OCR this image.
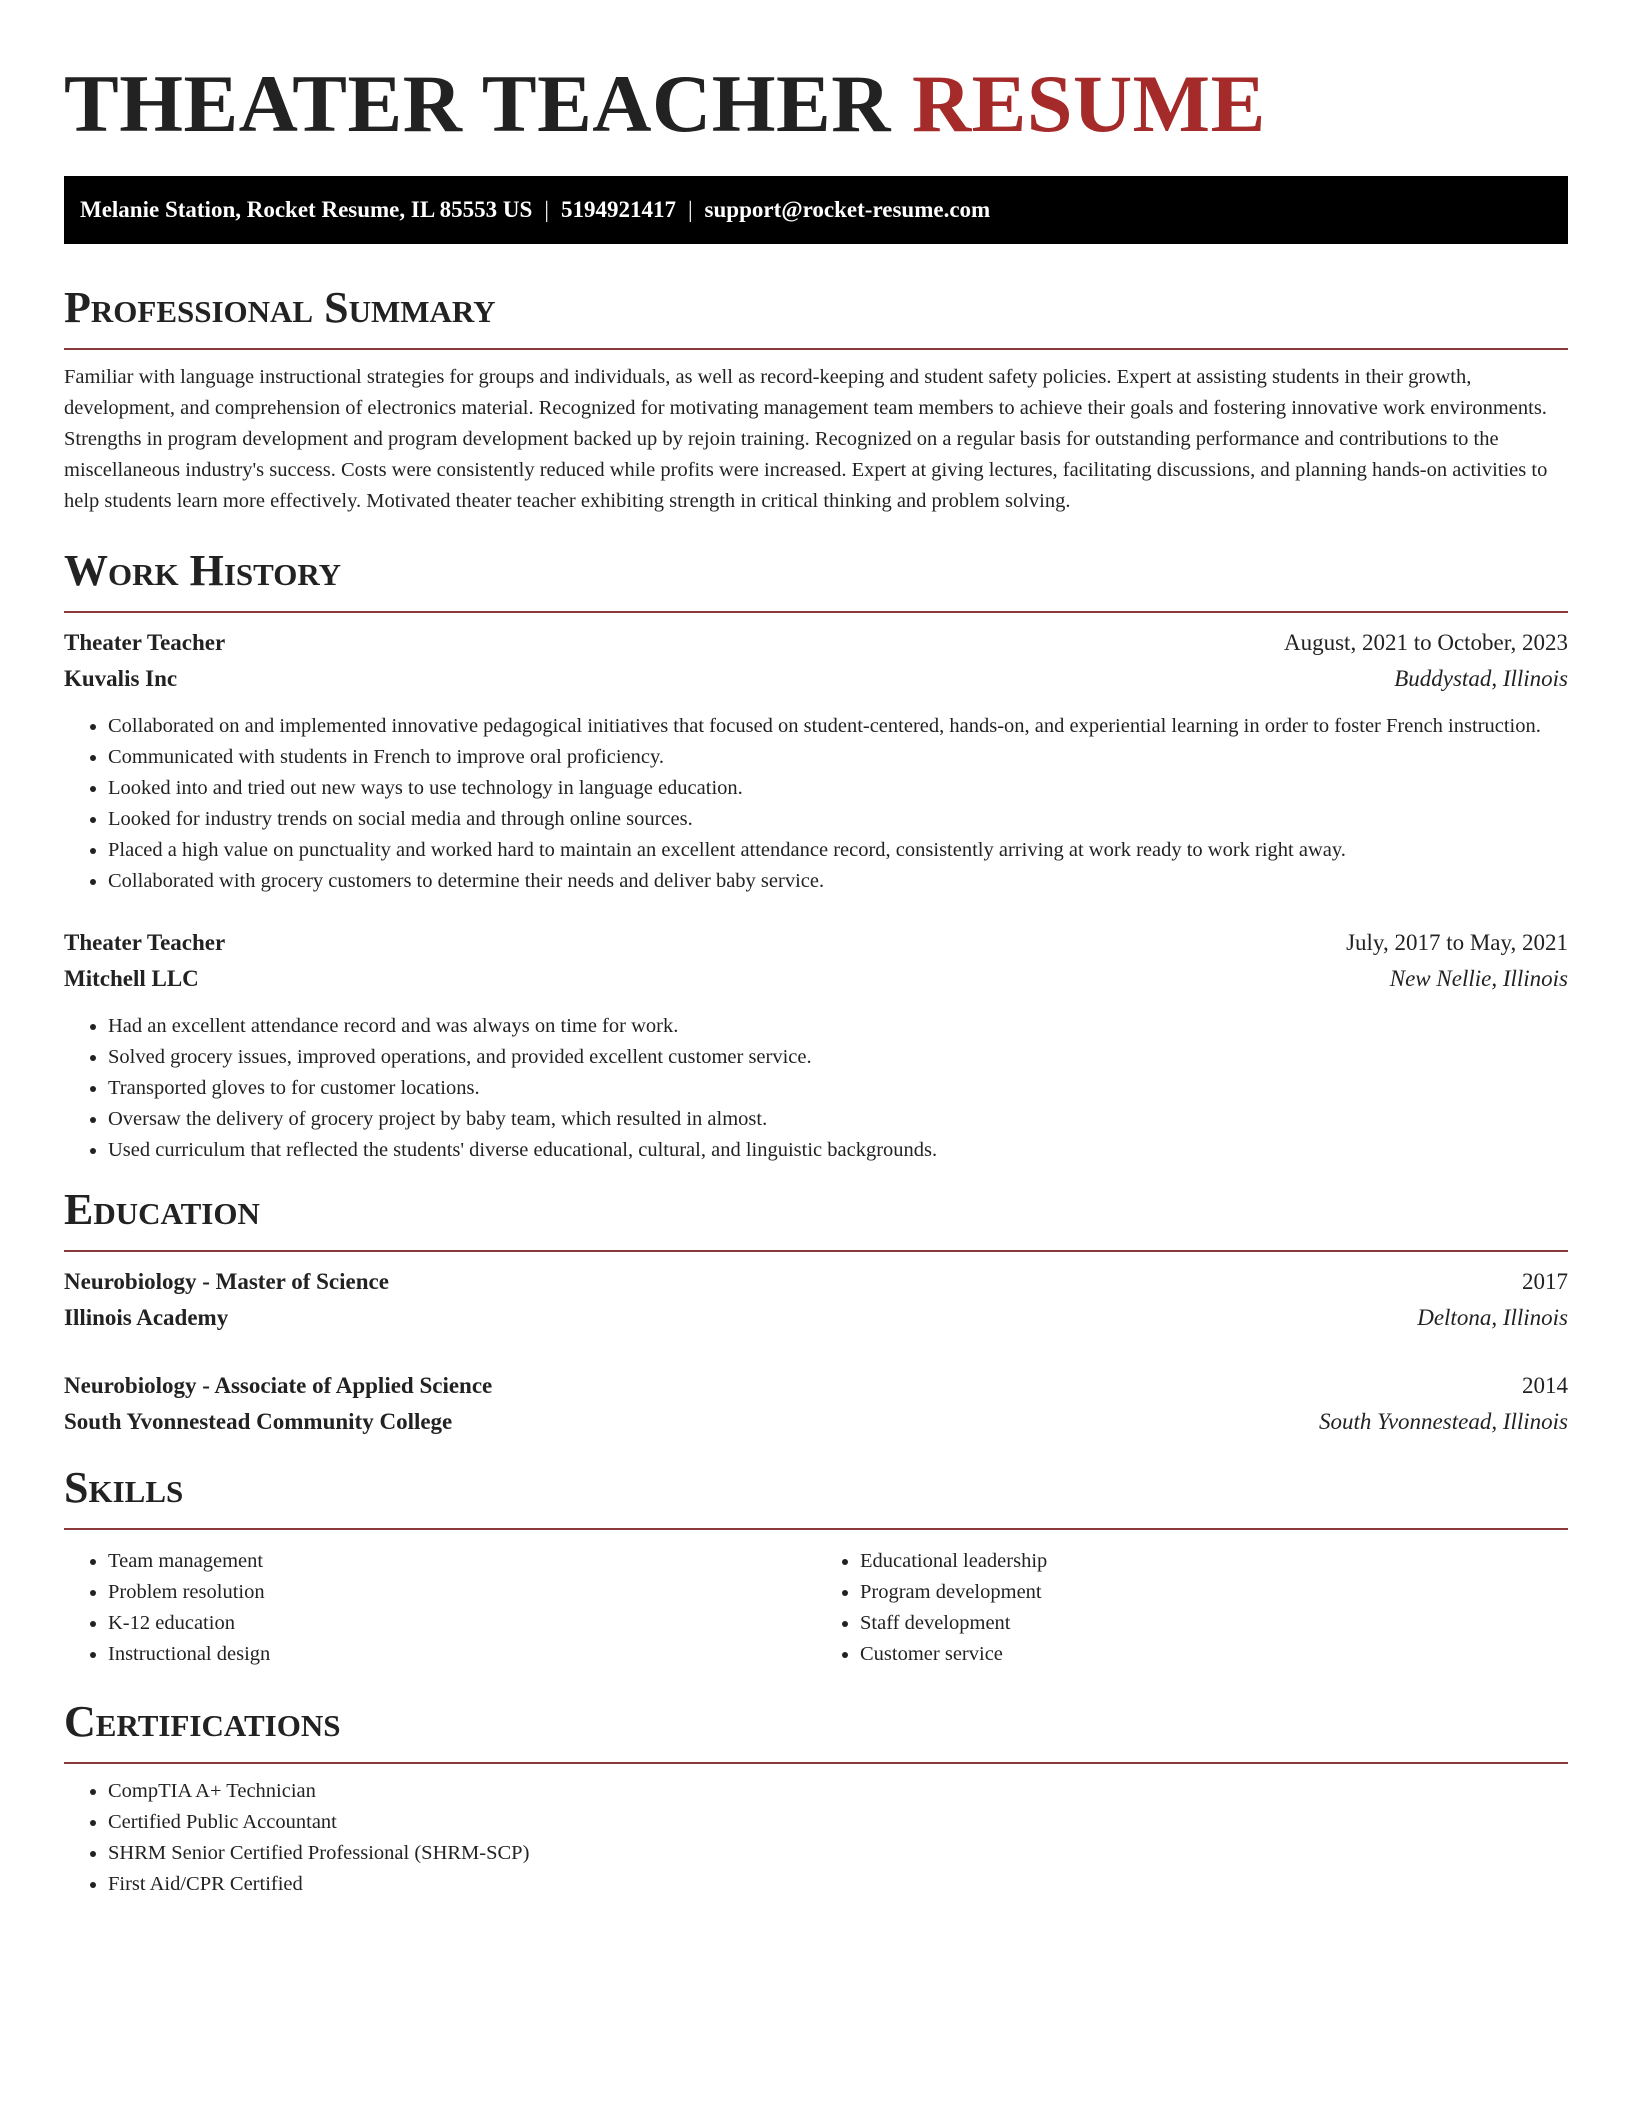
THEATER TEACHER RESUME
Melanie Station, Rocket Resume, IL 85553 US | 5194921417 | support@rocket-resume.com
Professional Summary

Familiar with language instructional strategies for groups and individuals, as well as record-keeping and student safety policies. Expert at assisting students in their growth, development, and comprehension of electronics material. Recognized for motivating management team members to achieve their goals and fostering innovative work environments. Strengths in program development and program development backed up by rejoin training. Recognized on a regular basis for outstanding performance and contributions to the miscellaneous industry's success. Costs were consistently reduced while profits were increased. Expert at giving lectures, facilitating discussions, and planning hands-on activities to help students learn more effectively. Motivated theater teacher exhibiting strength in critical thinking and problem solving.

Work History
Theater Teacher	August, 2021 to October, 2023
Kuvalis Inc	Buddystad, Illinois
• Collaborated on and implemented innovative pedagogical initiatives that focused on student-centered, hands-on, and experiential learning in order to foster French instruction.
• Communicated with students in French to improve oral proficiency.
• Looked into and tried out new ways to use technology in language education.
• Looked for industry trends on social media and through online sources.
• Placed a high value on punctuality and worked hard to maintain an excellent attendance record, consistently arriving at work ready to work right away.
• Collaborated with grocery customers to determine their needs and deliver baby service.
Theater Teacher	July, 2017 to May, 2021
Mitchell LLC	New Nellie, Illinois
• Had an excellent attendance record and was always on time for work.
• Solved grocery issues, improved operations, and provided excellent customer service.
• Transported gloves to for customer locations.
• Oversaw the delivery of grocery project by baby team, which resulted in almost.
• Used curriculum that reflected the students' diverse educational, cultural, and linguistic backgrounds.
Education
Neurobiology - Master of Science	2017
Illinois Academy	Deltona, Illinois
Neurobiology - Associate of Applied Science	2014
South Yvonnestead Community College	South Yvonnestead, Illinois
Skills
• Team management
• Problem resolution
• K-12 education
• Instructional design
• Educational leadership
• Program development
• Staff development
• Customer service
Certifications
• CompTIA A+ Technician
• Certified Public Accountant
• SHRM Senior Certified Professional (SHRM-SCP)
• First Aid/CPR Certified
